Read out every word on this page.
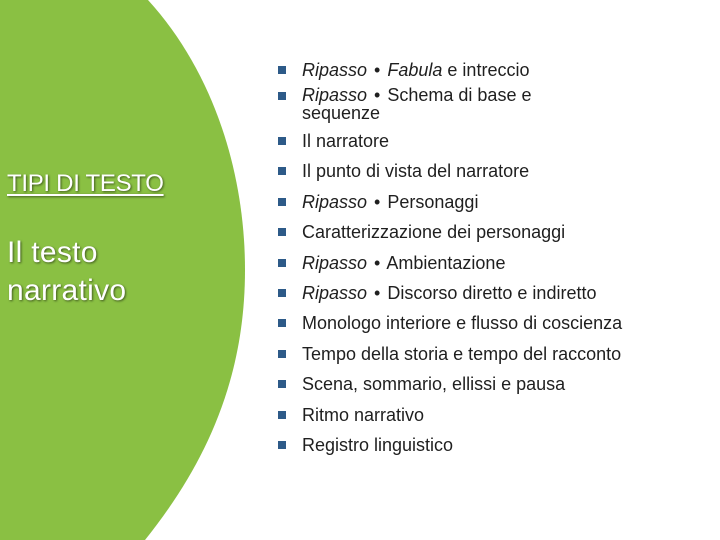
TIPI DI TESTO
Il testo
narrativo
Ripasso • Fabula e intreccio
Ripasso • Schema di base e sequenze
Il narratore
Il punto di vista del narratore
Ripasso • Personaggi
Caratterizzazione dei personaggi
Ripasso • Ambientazione
Ripasso • Discorso diretto e indiretto
Monologo interiore e flusso di coscienza
Tempo della storia e tempo del racconto
Scena, sommario, ellissi e pausa
Ritmo narrativo
Registro linguistico
